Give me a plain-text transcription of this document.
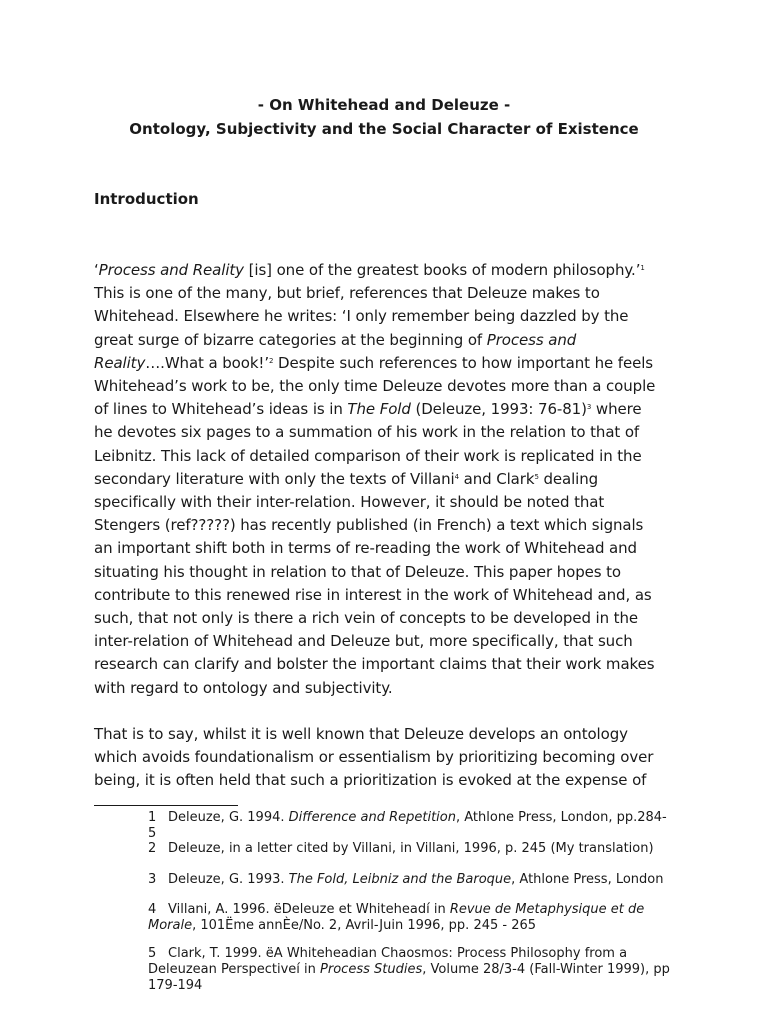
- On Whitehead and Deleuze -
Ontology, Subjectivity and the Social Character of Existence
Introduction
‘Process and Reality [is] one of the greatest books of modern philosophy.’$^1$
This is one of the many, but brief, references that Deleuze makes to
Whitehead. Elsewhere he writes: ‘I only remember being dazzled by the
great surge of bizarre categories at the beginning of Process and
Reality….What a book!’$^2$ Despite such references to how important he feels
Whitehead’s work to be, the only time Deleuze devotes more than a couple
of lines to Whitehead’s ideas is in The Fold (Deleuze, 1993: 76-81)$^3$ where
he devotes six pages to a summation of his work in the relation to that of
Leibnitz. This lack of detailed comparison of their work is replicated in the
secondary literature with only the texts of Villani$^4$ and Clark$^5$ dealing
specifically with their inter-relation. However, it should be noted that
Stengers (ref?????) has recently published (in French) a text which signals
an important shift both in terms of re-reading the work of Whitehead and
situating his thought in relation to that of Deleuze. This paper hopes to
contribute to this renewed rise in interest in the work of Whitehead and, as
such, that not only is there a rich vein of concepts to be developed in the
inter-relation of Whitehead and Deleuze but, more specifically, that such
research can clarify and bolster the important claims that their work makes
with regard to ontology and subjectivity.
That is to say, whilst it is well known that Deleuze develops an ontology
which avoids foundationalism or essentialism by prioritizing becoming over
being, it is often held that such a prioritization is evoked at the expense of
1 Deleuze, G. 1994. Difference and Repetition, Athlone Press, London, pp.284-5
2 Deleuze, in a letter cited by Villani, in Villani, 1996, p. 245 (My translation)
3 Deleuze, G. 1993. The Fold, Leibniz and the Baroque, Athlone Press, London
4 Villani, A. 1996. ëDeleuze et Whiteheadí in Revue de Metaphysique et de
Morale, 101Ëme annÈe/No. 2, Avril-Juin 1996, pp. 245 - 265
5 Clark, T. 1999. ëA Whiteheadian Chaosmos: Process Philosophy from a
Deleuzean Perspectiveí in Process Studies, Volume 28/3-4 (Fall-Winter 1999), pp
179-194
